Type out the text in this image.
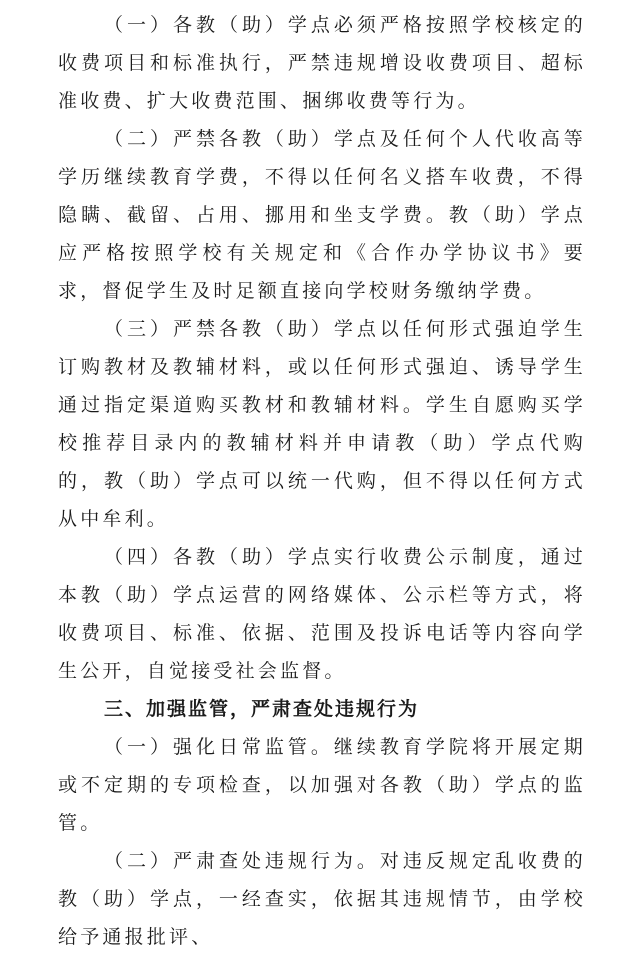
（一）各教（助）学点必须严格按照学校核定的收费项目和标准执行，严禁违规增设收费项目、超标准收费、扩大收费范围、捆绑收费等行为。

（二）严禁各教（助）学点及任何个人代收高等学历继续教育学费，不得以任何名义搭车收费，不得隐瞒、截留、占用、挪用和坐支学费。教（助）学点应严格按照学校有关规定和《合作办学协议书》要求，督促学生及时足额直接向学校财务缴纳学费。

（三）严禁各教（助）学点以任何形式强迫学生订购教材及教辅材料，或以任何形式强迫、诱导学生通过指定渠道购买教材和教辅材料。学生自愿购买学校推荐目录内的教辅材料并申请教（助）学点代购的，教（助）学点可以统一代购，但不得以任何方式从中牟利。

（四）各教（助）学点实行收费公示制度，通过本教（助）学点运营的网络媒体、公示栏等方式，将收费项目、标准、依据、范围及投诉电话等内容向学生公开，自觉接受社会监督。

三、加强监管，严肃查处违规行为

（一）强化日常监管。继续教育学院将开展定期或不定期的专项检查，以加强对各教（助）学点的监管。

（二）严肃查处违规行为。对违反规定乱收费的教（助）学点，一经查实，依据其违规情节，由学校给予通报批评、
